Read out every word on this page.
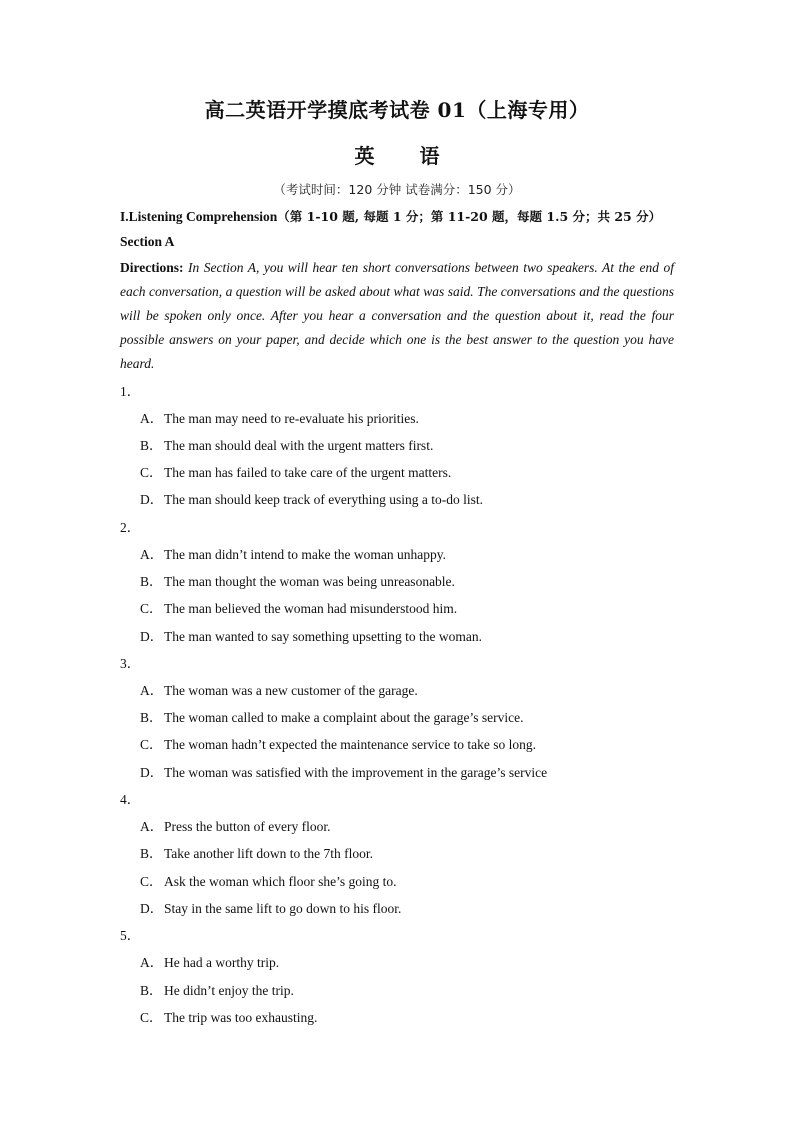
高二英语开学摸底考试卷 01（上海专用）
英 语
（考试时间：120 分钟 试卷满分：150 分）
I.Listening Comprehension（第 1-10 题, 每题 1 分；第 11-20 题，每题 1.5 分；共 25 分）
Section A
Directions: In Section A, you will hear ten short conversations between two speakers. At the end of each conversation, a question will be asked about what was said. The conversations and the questions will be spoken only once. After you hear a conversation and the question about it, read the four possible answers on your paper, and decide which one is the best answer to the question you have heard.
1．
A．The man may need to re-evaluate his priorities.
B．The man should deal with the urgent matters first.
C．The man has failed to take care of the urgent matters.
D．The man should keep track of everything using a to-do list.
2．
A．The man didn’t intend to make the woman unhappy.
B．The man thought the woman was being unreasonable.
C．The man believed the woman had misunderstood him.
D．The man wanted to say something upsetting to the woman.
3．
A．The woman was a new customer of the garage.
B．The woman called to make a complaint about the garage’s service.
C．The woman hadn’t expected the maintenance service to take so long.
D．The woman was satisfied with the improvement in the garage’s service
4．
A．Press the button of every floor.
B．Take another lift down to the 7th floor.
C．Ask the woman which floor she’s going to.
D．Stay in the same lift to go down to his floor.
5．
A．He had a worthy trip.
B．He didn’t enjoy the trip.
C．The trip was too exhausting.
